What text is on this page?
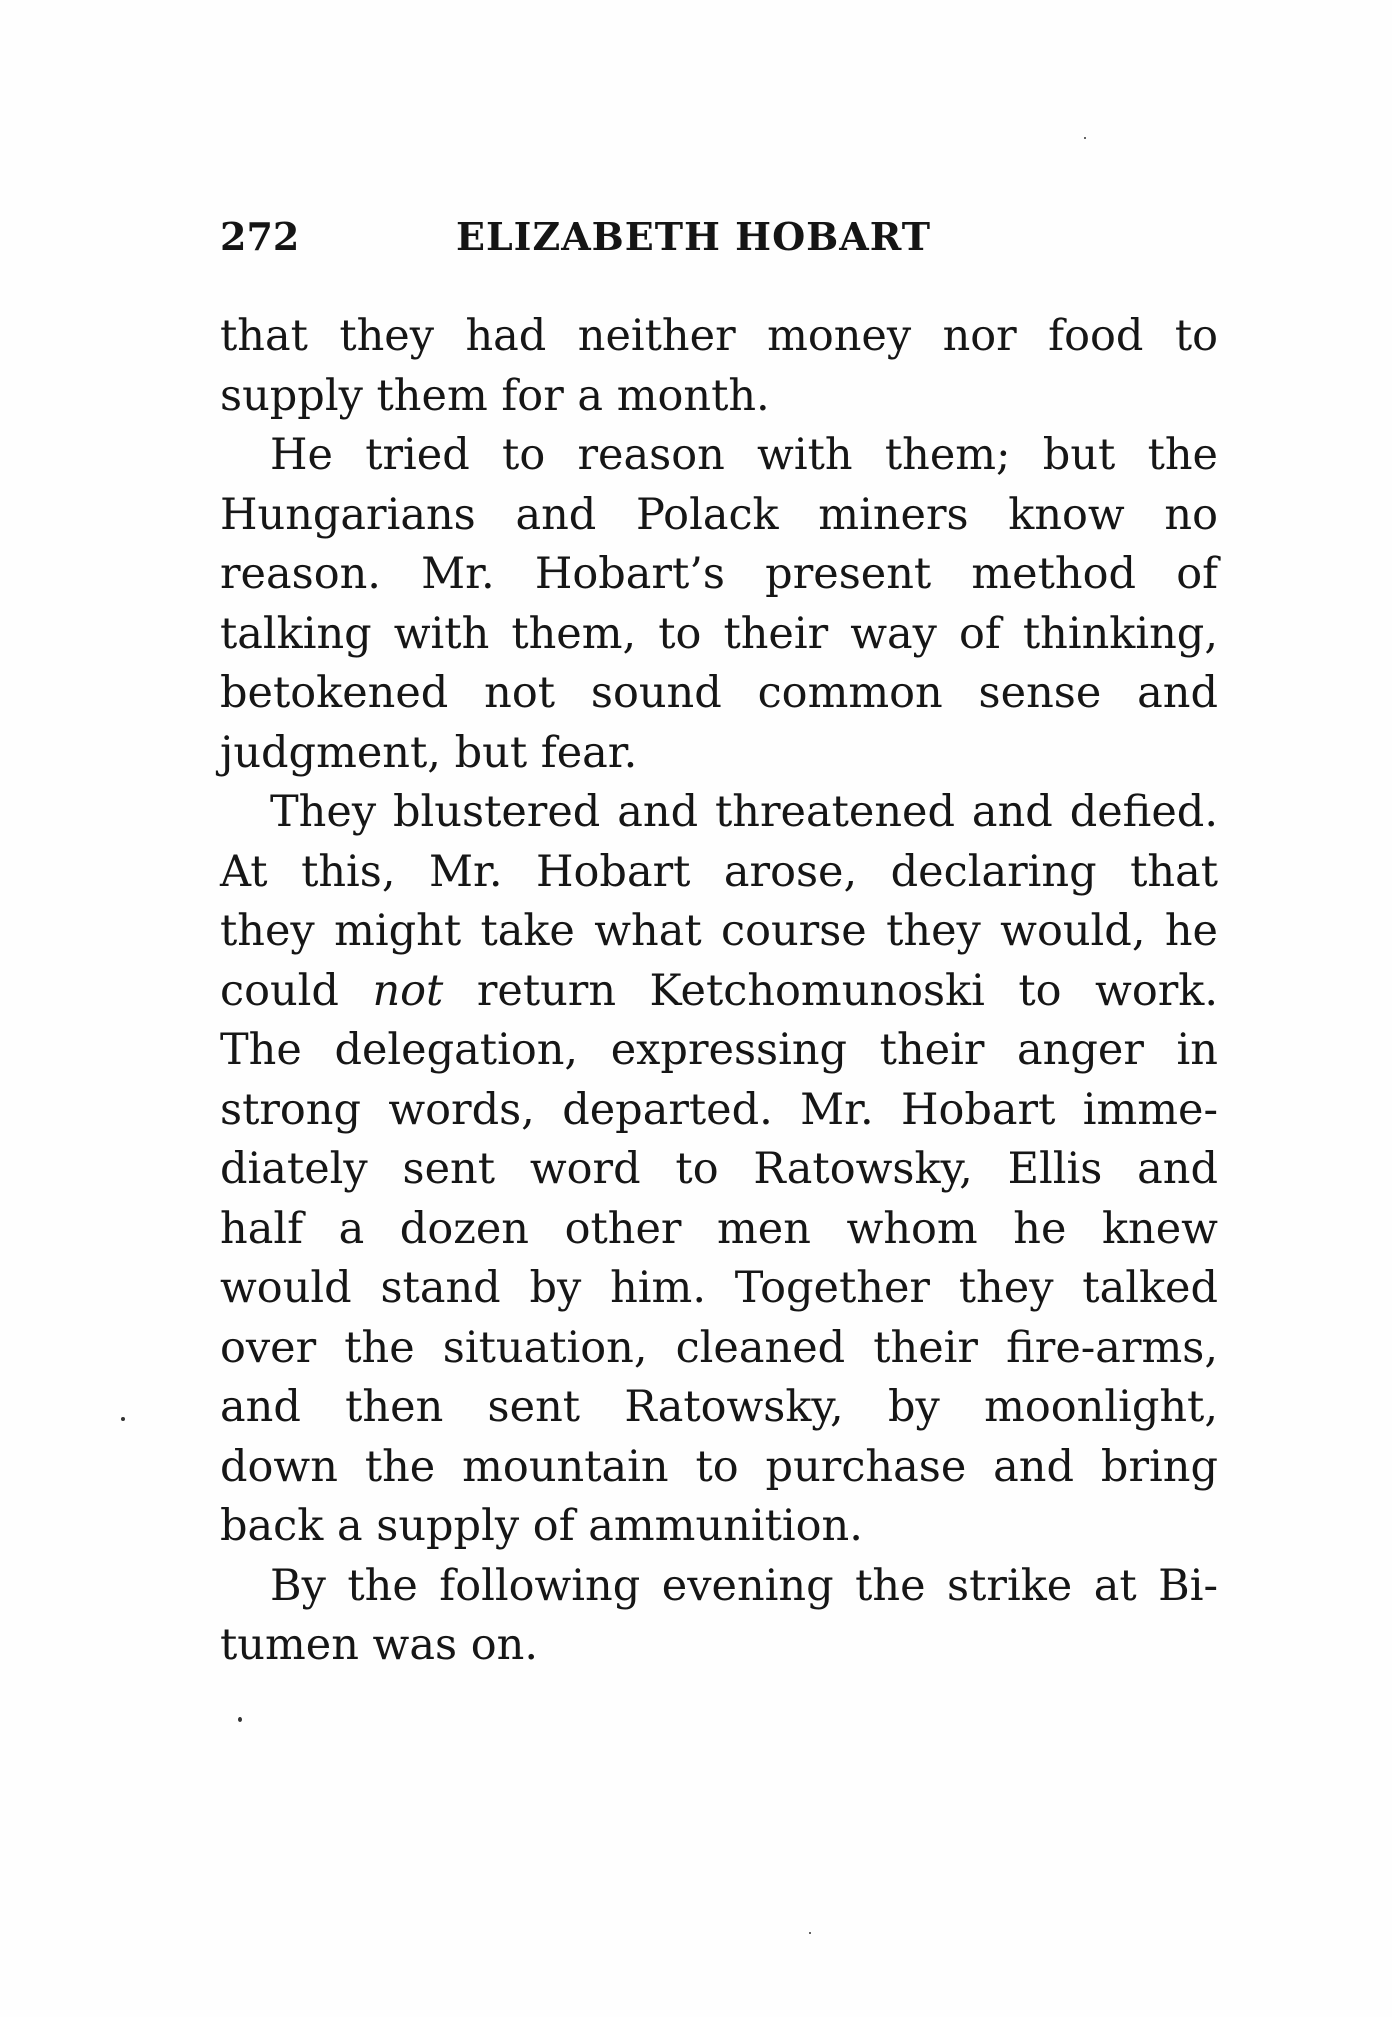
272	ELIZABETH HOBART
that they had neither money nor food to
supply them for a month.
He tried to reason with them; but the
Hungarians and Polack miners know no
reason. Mr. Hobart’s present method of
talking with them, to their way of thinking,
betokened not sound common sense and
judgment, but fear.
They blustered and threatened and defied.
At this, Mr. Hobart arose, declaring that
they might take what course they would, he
could not return Ketchomunoski to work.
The delegation, expressing their anger in
strong words, departed. Mr. Hobart imme-
diately sent word to Ratowsky, Ellis and
half a dozen other men whom he knew
would stand by him. Together they talked
over the situation, cleaned their fire-arms,
and then sent Ratowsky, by moonlight,
down the mountain to purchase and bring
back a supply of ammunition.
By the following evening the strike at Bi-
tumen was on.
